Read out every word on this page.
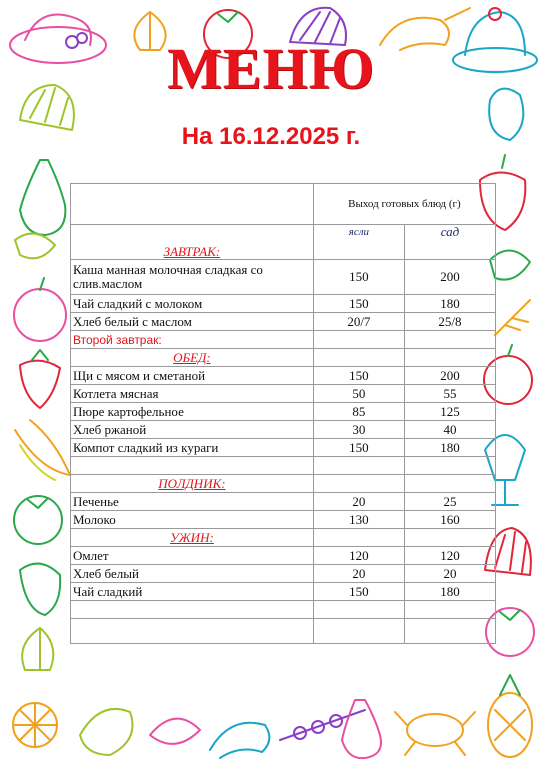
МЕНЮ
На 16.12.2025 г.
	Выход готовых блюд (г)	
ЗАВТРАК:	ясли	сад
Каша манная молочная сладкая со слив.маслом	150	200
Чай сладкий с молоком	150	180
Хлеб белый с маслом	20/7	25/8
Второй завтрак:		
ОБЕД:		
Щи с мясом и сметаной	150	200
Котлета мясная	50	55
Пюре картофельное	85	125
Хлеб ржаной	30	40
Компот сладкий из кураги	150	180

ПОЛДНИК:		
Печенье	20	25
Молоко	130	160
УЖИН:		
Омлет	120	120
Хлеб белый	20	20
Чай сладкий	150	180
